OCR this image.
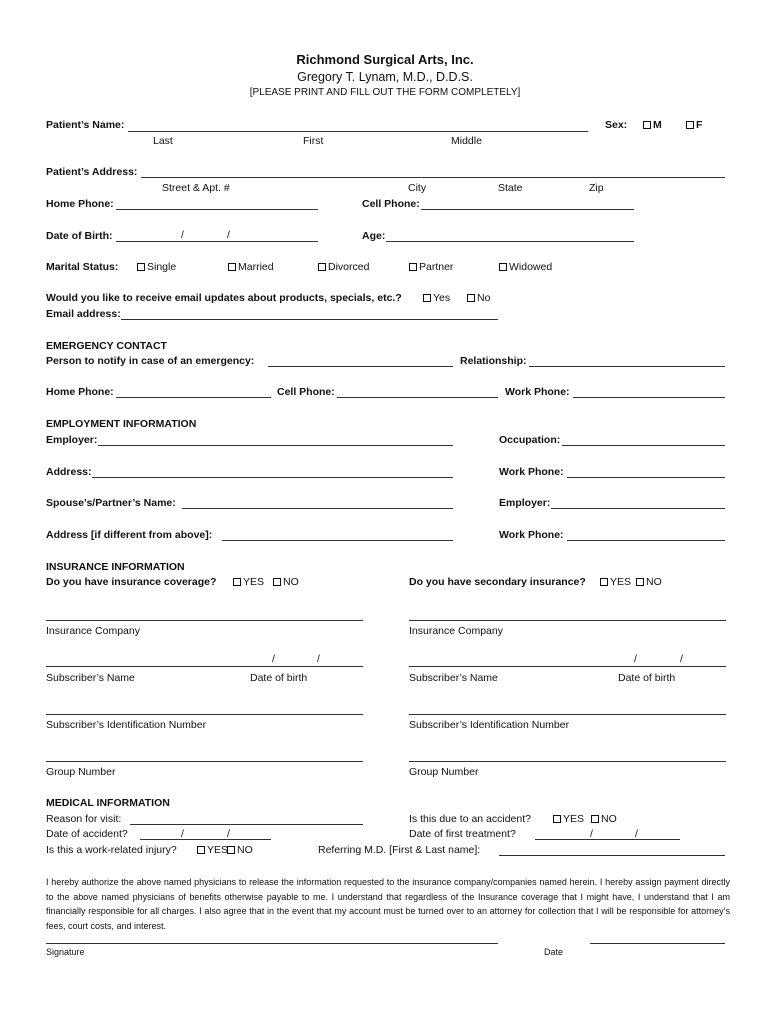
Richmond Surgical Arts, Inc.
Gregory T. Lynam, M.D., D.D.S.
[PLEASE PRINT AND FILL OUT THE FORM COMPLETELY]
Patient’s Name:	Sex:	M	F
Last	First	Middle
Patient’s Address:
Street & Apt. #	City	State	Zip
Home Phone:	Cell Phone:
Date of Birth:	/	/	Age:
Marital Status:	Single	Married	Divorced	Partner	Widowed
Would you like to receive email updates about products, specials, etc.?	Yes	No
Email address:
EMERGENCY CONTACT
Person to notify in case of an emergency:	Relationship:
Home Phone:	Cell Phone:	Work Phone:
EMPLOYMENT INFORMATION
Employer:	Occupation:
Address:	Work Phone:
Spouse’s/Partner’s Name:	Employer:
Address [if different from above]:	Work Phone:
INSURANCE INFORMATION
Do you have insurance coverage?	YES	NO	Do you have secondary insurance?	YES	NO
Insurance Company
/	/
Subscriber’s Name	Date of birth
Subscriber’s Identification Number
Group Number
Insurance Company
/	/
Subscriber’s Name	Date of birth
Subscriber’s Identification Number
Group Number
MEDICAL INFORMATION
Reason for visit:	Is this due to an accident?	YES	NO
Date of accident?	/	/	Date of first treatment?	/	/
Is this a work-related injury?	YES NO	Referring M.D. [First & Last name]:
I hereby authorize the above named physicians to release the information requested to the insurance company/companies named herein. I hereby assign payment directly to the above named physicians of benefits otherwise payable to me. I understand that regardless of the Insurance coverage that I might have, I understand that I am financially responsible for all charges. I also agree that in the event that my account must be turned over to an attorney for collection that I will be responsible for attorney’s fees, court costs, and interest.
Signature	Date
